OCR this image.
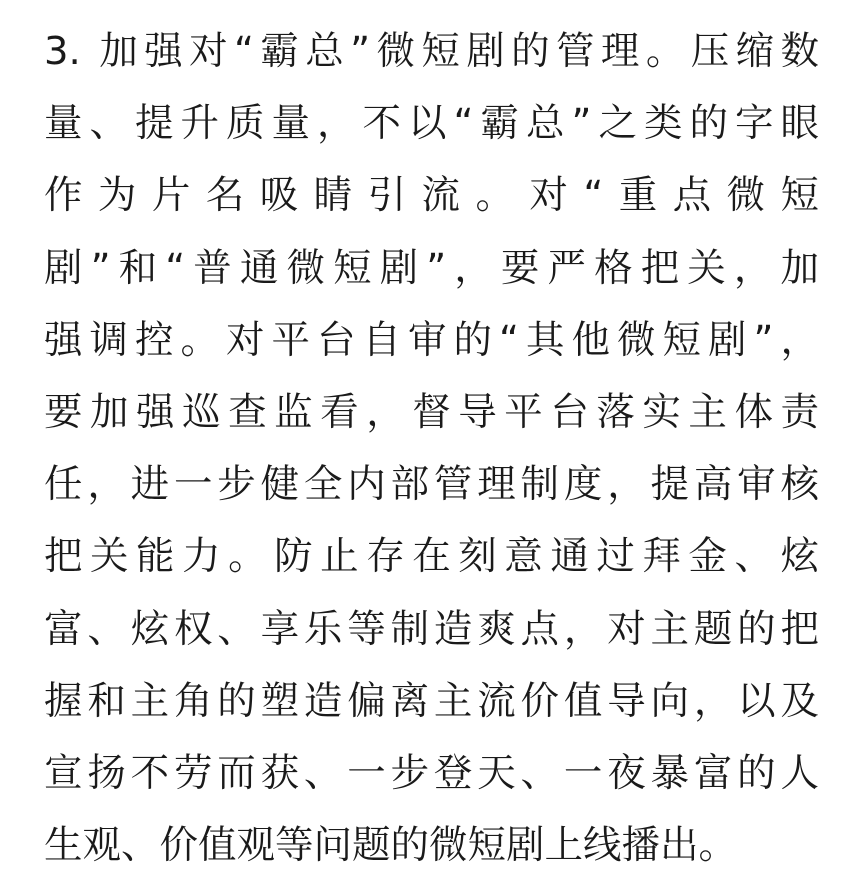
3. 加强对“霸总”微短剧的管理。压缩数
量、提升质量，不以“霸总”之类的字眼
作为片名吸睛引流。对“重点微短
剧”和“普通微短剧”，要严格把关，加
强调控。对平台自审的“其他微短剧”，
要加强巡查监看，督导平台落实主体责
任，进一步健全内部管理制度，提高审核
把关能力。防止存在刻意通过拜金、炫
富、炫权、享乐等制造爽点，对主题的把
握和主角的塑造偏离主流价值导向，以及
宣扬不劳而获、一步登天、一夜暴富的人
生观、价值观等问题的微短剧上线播出。
